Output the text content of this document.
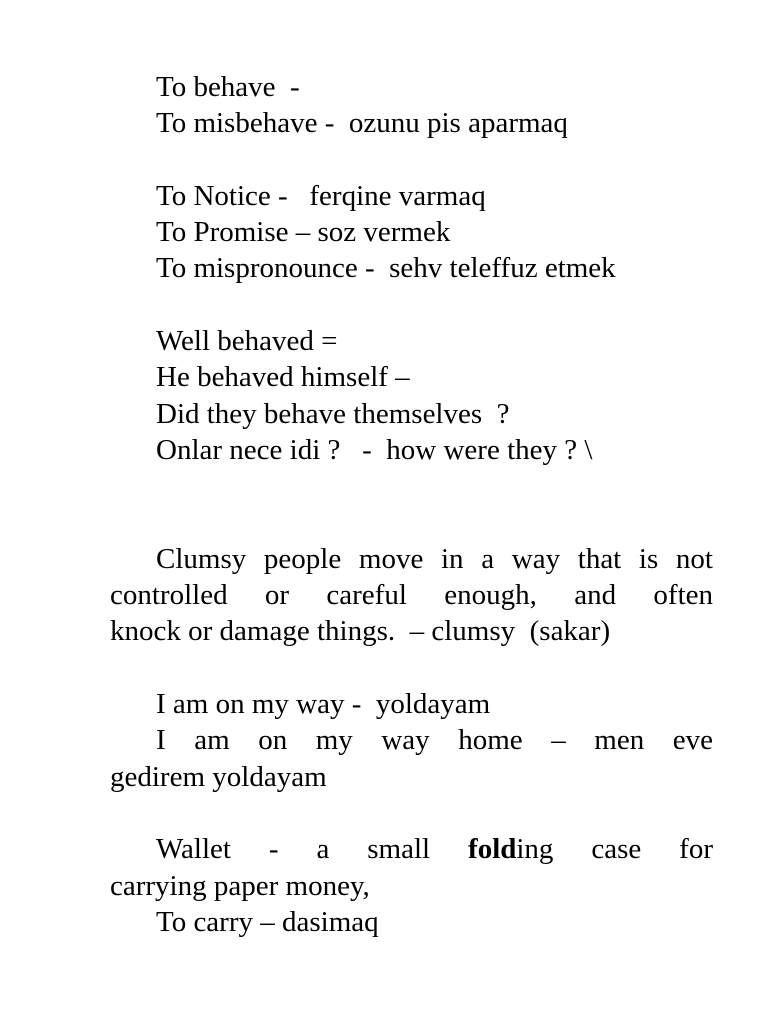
To behave  -
To misbehave -  ozunu pis aparmaq
To Notice -   ferqine varmaq
To Promise – soz vermek
To mispronounce -  sehv teleffuz etmek
Well behaved =
He behaved himself –
Did they behave themselves  ?
Onlar nece idi ?   -  how were they ? \
Clumsy people move in a way that is not
controlled or careful enough, and often
knock or damage things.  – clumsy  (sakar)
I am on my way -  yoldayam
I am on my way home – men eve
gedirem yoldayam
Wallet - a small folding case for
carrying paper money,
To carry – dasimaq
